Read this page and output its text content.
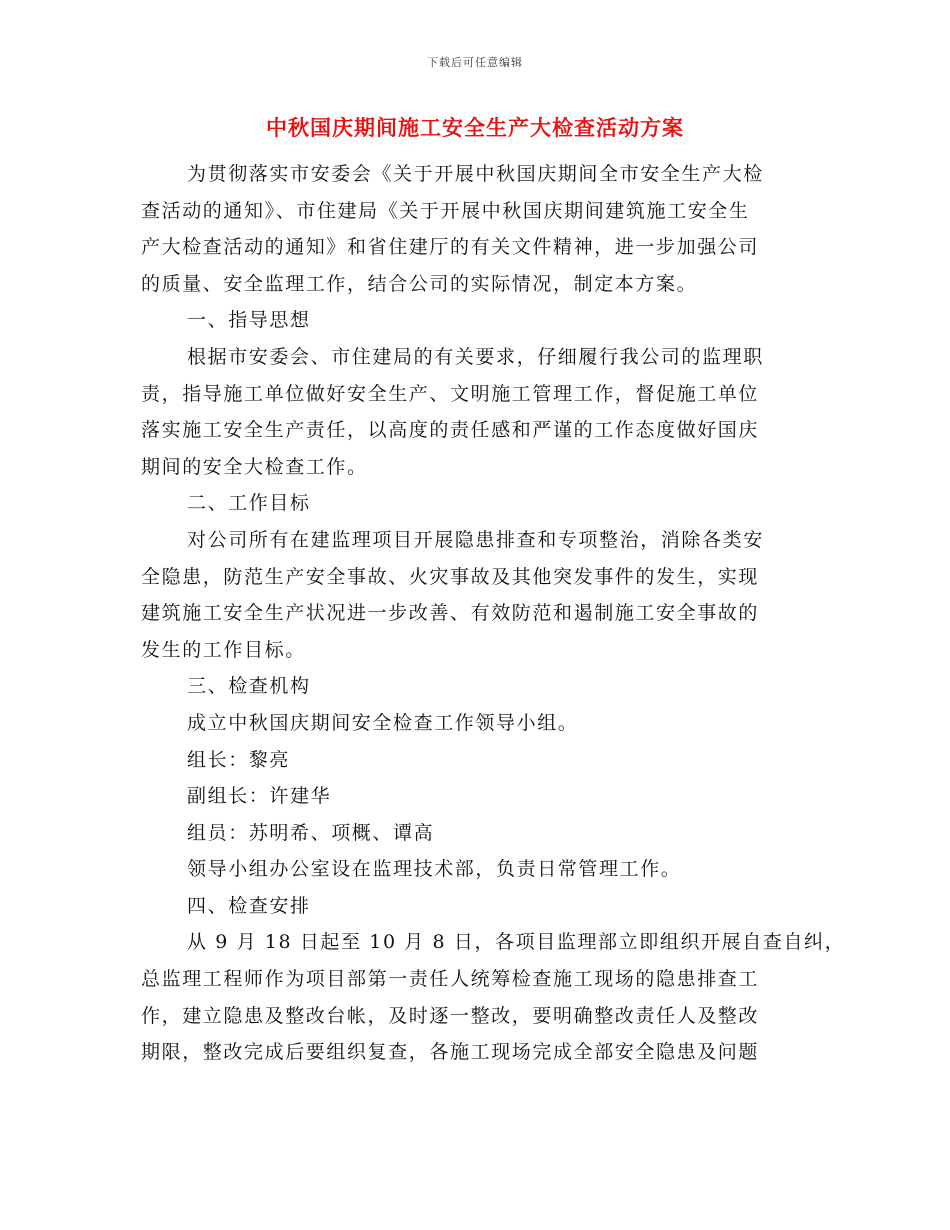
下载后可任意编辑
中秋国庆期间施工安全生产大检查活动方案
为贯彻落实市安委会《关于开展中秋国庆期间全市安全生产大检
查活动的通知》、市住建局《关于开展中秋国庆期间建筑施工安全生
产大检查活动的通知》和省住建厅的有关文件精神，进一步加强公司
的质量、安全监理工作，结合公司的实际情况，制定本方案。
一、指导思想
根据市安委会、市住建局的有关要求，仔细履行我公司的监理职
责，指导施工单位做好安全生产、文明施工管理工作，督促施工单位
落实施工安全生产责任，以高度的责任感和严谨的工作态度做好国庆
期间的安全大检查工作。
二、工作目标
对公司所有在建监理项目开展隐患排查和专项整治，消除各类安
全隐患，防范生产安全事故、火灾事故及其他突发事件的发生，实现
建筑施工安全生产状况进一步改善、有效防范和遏制施工安全事故的
发生的工作目标。
三、检查机构
成立中秋国庆期间安全检查工作领导小组。
组长：黎亮
副组长：许建华
组员：苏明希、项概、谭高
领导小组办公室设在监理技术部，负责日常管理工作。
四、检查安排
从 9 月 18 日起至 10 月 8 日，各项目监理部立即组织开展自查自纠，
总监理工程师作为项目部第一责任人统筹检查施工现场的隐患排查工
作，建立隐患及整改台帐，及时逐一整改，要明确整改责任人及整改
期限，整改完成后要组织复查，各施工现场完成全部安全隐患及问题
